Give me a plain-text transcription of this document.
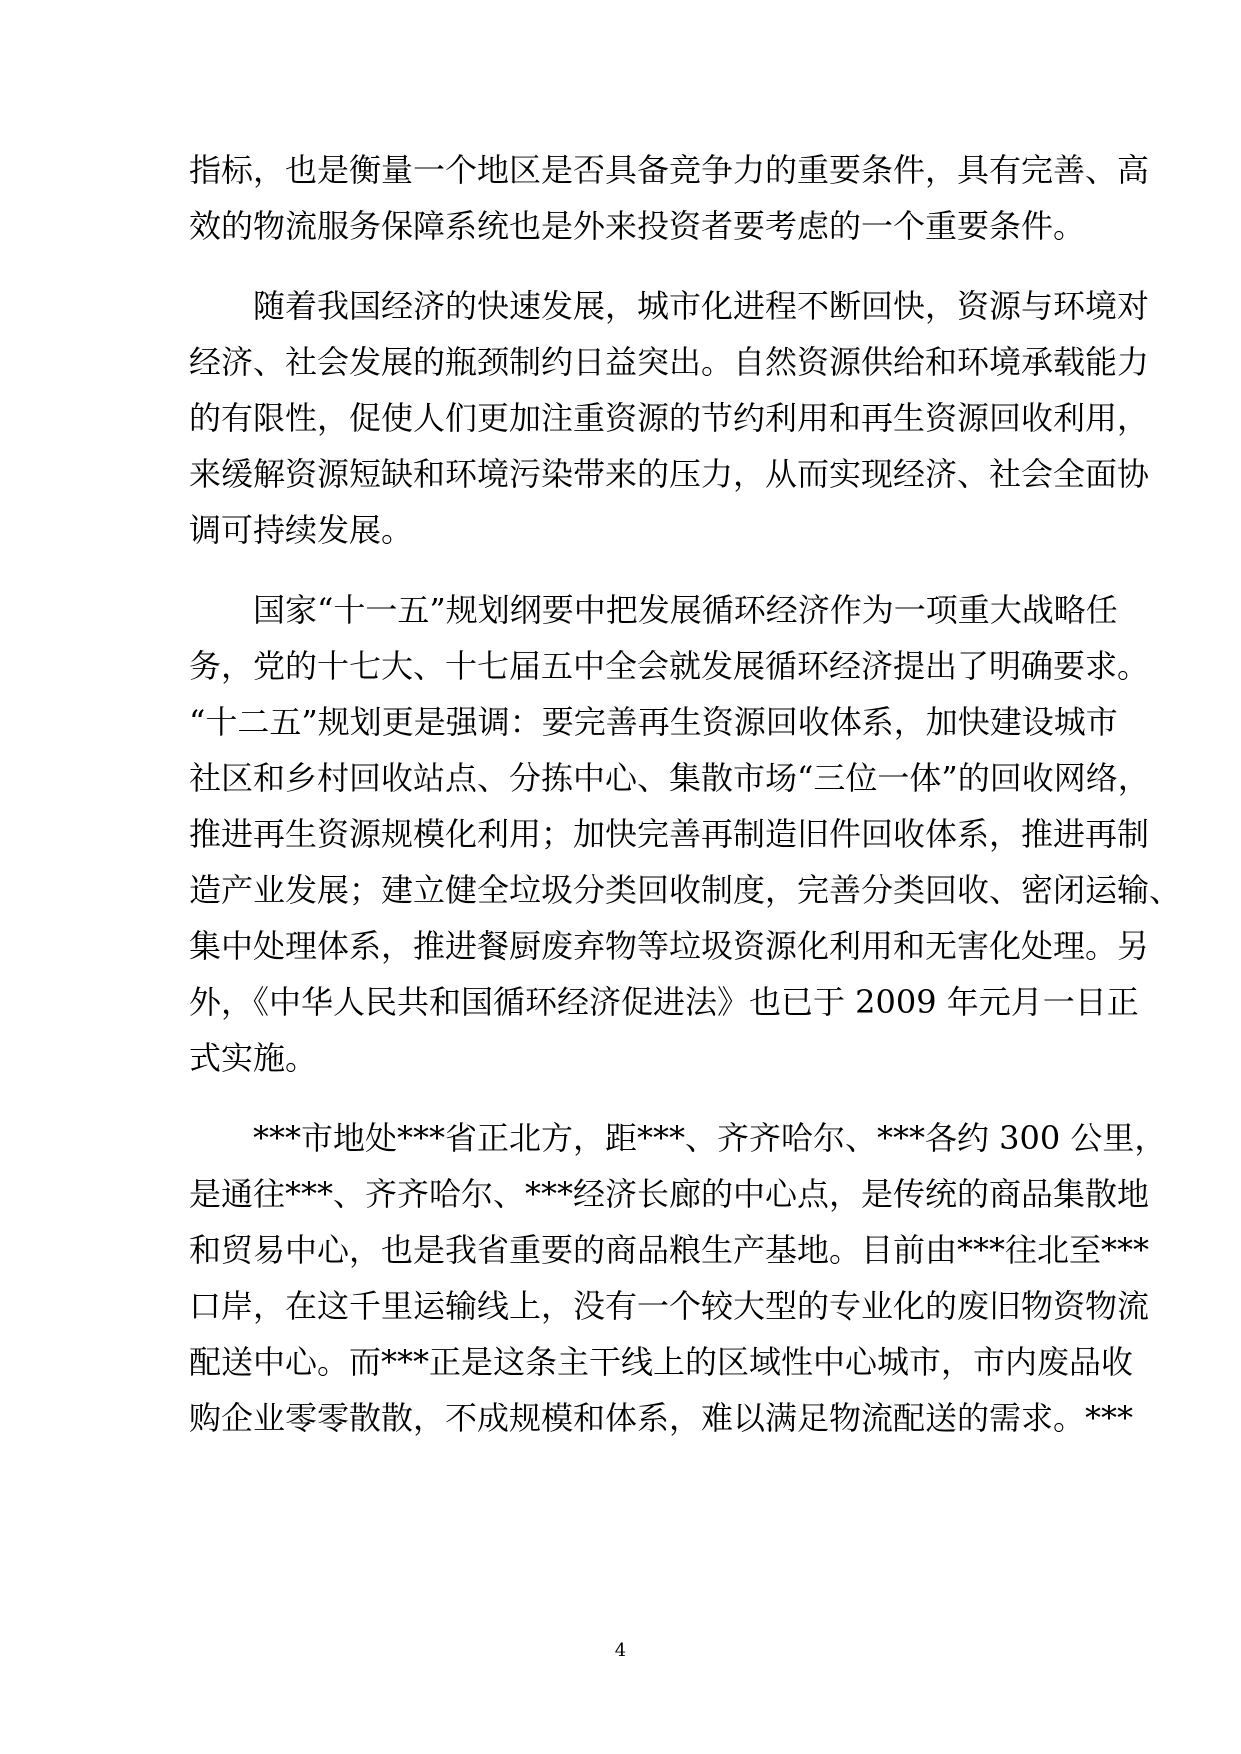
指标，也是衡量一个地区是否具备竞争力的重要条件，具有完善、高
效的物流服务保障系统也是外来投资者要考虑的一个重要条件。
　　随着我国经济的快速发展，城市化进程不断回快，资源与环境对
经济、社会发展的瓶颈制约日益突出。自然资源供给和环境承载能力
的有限性，促使人们更加注重资源的节约利用和再生资源回收利用，
来缓解资源短缺和环境污染带来的压力，从而实现经济、社会全面协
调可持续发展。
　　国家“十一五”规划纲要中把发展循环经济作为一项重大战略任
务，党的十七大、十七届五中全会就发展循环经济提出了明确要求。
“十二五”规划更是强调：要完善再生资源回收体系，加快建设城市
社区和乡村回收站点、分拣中心、集散市场“三位一体”的回收网络，
推进再生资源规模化利用；加快完善再制造旧件回收体系，推进再制
造产业发展；建立健全垃圾分类回收制度，完善分类回收、密闭运输、
集中处理体系，推进餐厨废弃物等垃圾资源化利用和无害化处理。另
外，《中华人民共和国循环经济促进法》也已于 2009 年元月一日正
式实施。
　　***市地处***省正北方，距***、齐齐哈尔、***各约 300 公里，
是通往***、齐齐哈尔、***经济长廊的中心点，是传统的商品集散地
和贸易中心，也是我省重要的商品粮生产基地。目前由***往北至***
口岸，在这千里运输线上，没有一个较大型的专业化的废旧物资物流
配送中心。而***正是这条主干线上的区域性中心城市，市内废品收
购企业零零散散，不成规模和体系，难以满足物流配送的需求。***
4
